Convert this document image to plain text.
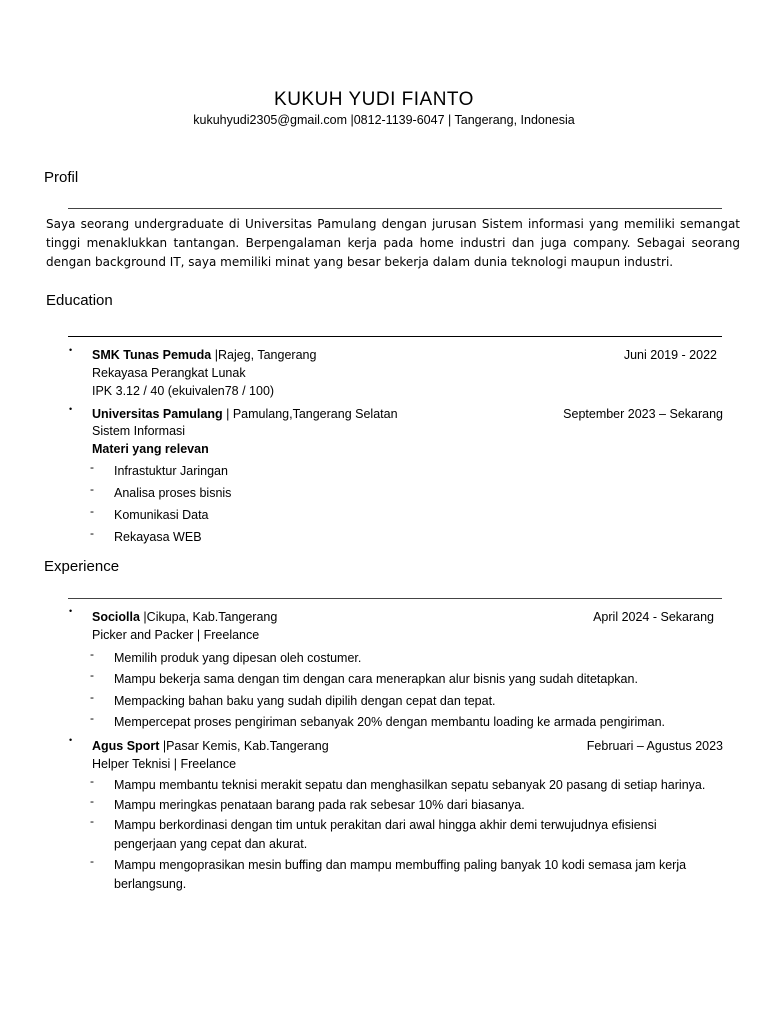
KUKUH YUDI FIANTO
kukuhyudi2305@gmail.com |0812-1139-6047 | Tangerang, Indonesia
Profil
Saya seorang undergraduate di Universitas Pamulang dengan jurusan Sistem informasi yang memiliki semangat tinggi menaklukkan tantangan. Berpengalaman kerja pada home industri dan juga company. Sebagai seorang dengan background IT, saya memiliki minat yang besar bekerja dalam dunia teknologi maupun industri.
Education
• SMK Tunas Pemuda |Rajeg, Tangerang	Juni 2019 - 2022
Rekayasa Perangkat Lunak
IPK 3.12 / 40 (ekuivalen78 / 100)
• Universitas Pamulang | Pamulang,Tangerang Selatan	September 2023 – Sekarang
Sistem Informasi
Materi yang relevan
- Infrastuktur Jaringan
- Analisa proses bisnis
- Komunikasi Data
- Rekayasa WEB
Experience
• Sociolla |Cikupa, Kab.Tangerang	April 2024 - Sekarang
Picker and Packer | Freelance
- Memilih produk yang dipesan oleh costumer.
- Mampu bekerja sama dengan tim dengan cara menerapkan alur bisnis yang sudah ditetapkan.
- Mempacking bahan baku yang sudah dipilih dengan cepat dan tepat.
- Mempercepat proses pengiriman sebanyak 20% dengan membantu loading ke armada pengiriman.
• Agus Sport |Pasar Kemis, Kab.Tangerang	Februari – Agustus 2023
Helper Teknisi | Freelance
- Mampu membantu teknisi merakit sepatu dan menghasilkan sepatu sebanyak 20 pasang di setiap harinya.
- Mampu meringkas penataan barang pada rak sebesar 10% dari biasanya.
- Mampu berkordinasi dengan tim untuk perakitan dari awal hingga akhir demi terwujudnya efisiensi
pengerjaan yang cepat dan akurat.
- Mampu mengoprasikan mesin buffing dan mampu membuffing paling banyak 10 kodi semasa jam kerja
berlangsung.
